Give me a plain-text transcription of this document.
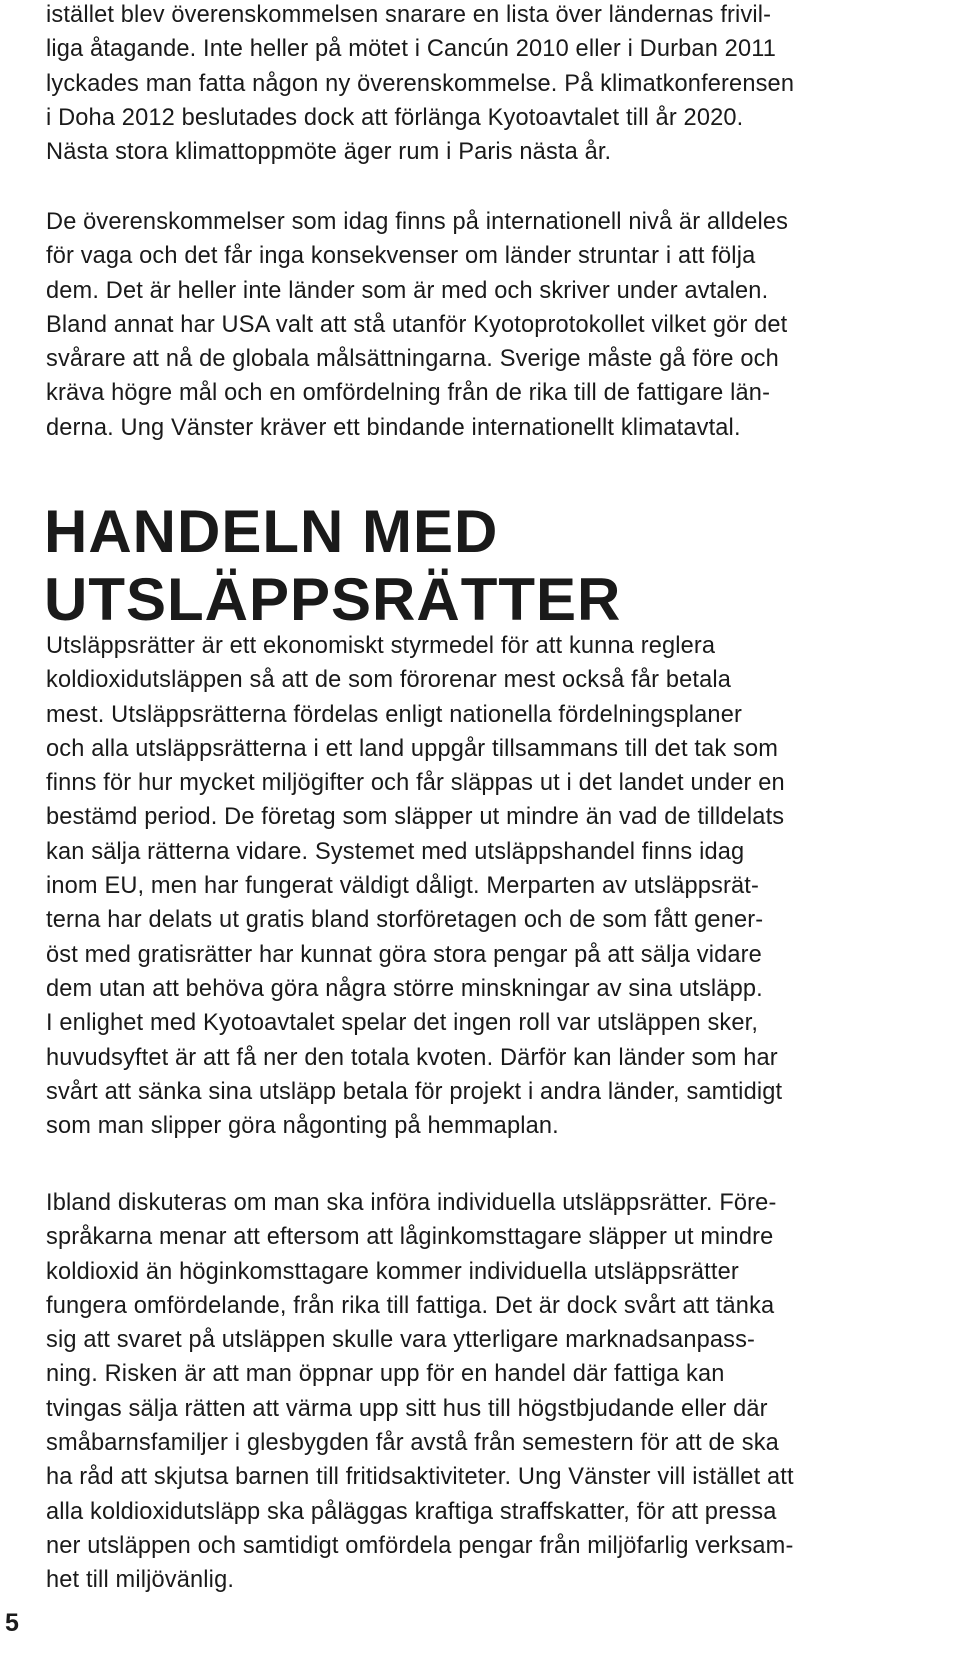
istället blev överenskommelsen snarare en lista över ländernas frivil-
liga åtagande. Inte heller på mötet i Cancún 2010 eller i Durban 2011
lyckades man fatta någon ny överenskommelse. På klimatkonferensen
i Doha 2012 beslutades dock att förlänga Kyotoavtalet till år 2020.
Nästa stora klimattoppmöte äger rum i Paris nästa år.

De överenskommelser som idag finns på internationell nivå är alldeles
för vaga och det får inga konsekvenser om länder struntar i att följa
dem. Det är heller inte länder som är med och skriver under avtalen.
Bland annat har USA valt att stå utanför Kyotoprotokollet vilket gör det
svårare att nå de globala målsättningarna. Sverige måste gå före och
kräva högre mål och en omfördelning från de rika till de fattigare län-
derna. Ung Vänster kräver ett bindande internationellt klimatavtal.

HANDELN MED
UTSLÄPPSRÄTTER

Utsläppsrätter är ett ekonomiskt styrmedel för att kunna reglera
koldioxidutsläppen så att de som förorenar mest också får betala
mest. Utsläppsrätterna fördelas enligt nationella fördelningsplaner
och alla utsläppsrätterna i ett land uppgår tillsammans till det tak som
finns för hur mycket miljögifter och får släppas ut i det landet under en
bestämd period. De företag som släpper ut mindre än vad de tilldelats
kan sälja rätterna vidare. Systemet med utsläppshandel finns idag
inom EU, men har fungerat väldigt dåligt. Merparten av utsläppsrät-
terna har delats ut gratis bland storföretagen och de som fått gener-
öst med gratisrätter har kunnat göra stora pengar på att sälja vidare
dem utan att behöva göra några större minskningar av sina utsläpp.
I enlighet med Kyotoavtalet spelar det ingen roll var utsläppen sker,
huvudsyftet är att få ner den totala kvoten. Därför kan länder som har
svårt att sänka sina utsläpp betala för projekt i andra länder, samtidigt
som man slipper göra någonting på hemmaplan.

Ibland diskuteras om man ska införa individuella utsläppsrätter. Före-
språkarna menar att eftersom att låginkomsttagare släpper ut mindre
koldioxid än höginkomsttagare kommer individuella utsläppsrätter
fungera omfördelande, från rika till fattiga. Det är dock svårt att tänka
sig att svaret på utsläppen skulle vara ytterligare marknadsanpass-
ning. Risken är att man öppnar upp för en handel där fattiga kan
tvingas sälja rätten att värma upp sitt hus till högstbjudande eller där
småbarnsfamiljer i glesbygden får avstå från semestern för att de ska
ha råd att skjutsa barnen till fritidsaktiviteter. Ung Vänster vill istället att
alla koldioxidutsläpp ska påläggas kraftiga straffskatter, för att pressa
ner utsläppen och samtidigt omfördela pengar från miljöfarlig verksam-
het till miljövänlig.

5
